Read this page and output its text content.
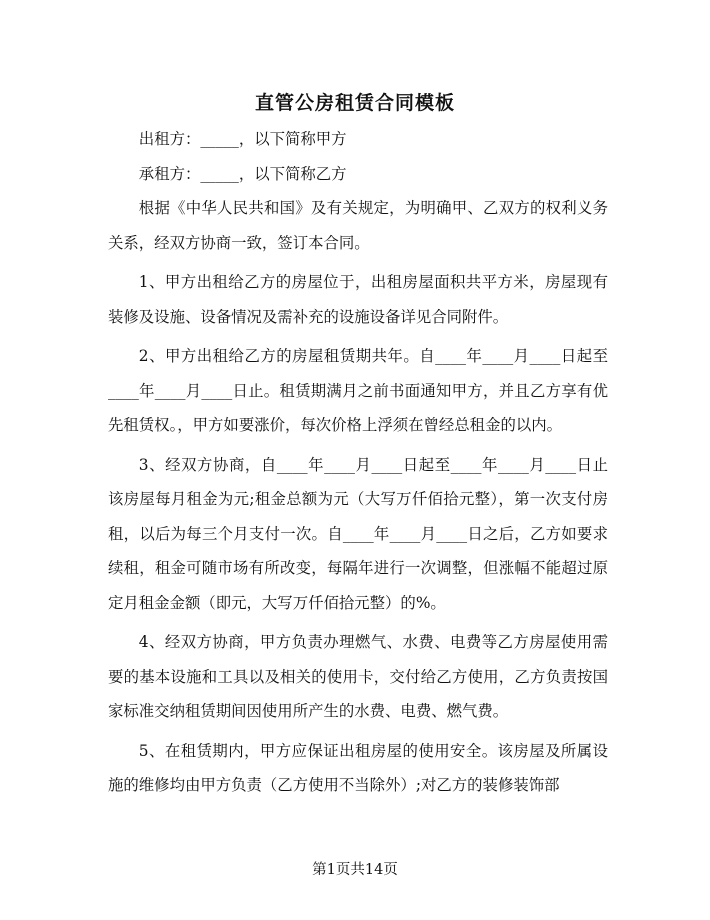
直管公房租赁合同模板

出租方：_____，以下简称甲方

承租方：_____，以下简称乙方

根据《中华人民共和国》及有关规定，为明确甲、乙双方的权利义务关系，经双方协商一致，签订本合同。

1、甲方出租给乙方的房屋位于，出租房屋面积共平方米，房屋现有装修及设施、设备情况及需补充的设施设备详见合同附件。

2、甲方出租给乙方的房屋租赁期共年。自____年____月____日起至____年____月____日止。租赁期满月之前书面通知甲方，并且乙方享有优先租赁权。，甲方如要涨价，每次价格上浮须在曾经总租金的以内。

3、经双方协商，自____年____月____日起至____年____月____日止该房屋每月租金为元;租金总额为元（大写万仟佰拾元整），第一次支付房租，以后为每三个月支付一次。自____年____月____日之后，乙方如要求续租，租金可随市场有所改变，每隔年进行一次调整，但涨幅不能超过原定月租金金额（即元，大写万仟佰拾元整）的%。

4、经双方协商，甲方负责办理燃气、水费、电费等乙方房屋使用需要的基本设施和工具以及相关的使用卡，交付给乙方使用，乙方负责按国家标准交纳租赁期间因使用所产生的水费、电费、燃气费。

5、在租赁期内，甲方应保证出租房屋的使用安全。该房屋及所属设施的维修均由甲方负责（乙方使用不当除外）;对乙方的装修装饰部

第1页共14页
